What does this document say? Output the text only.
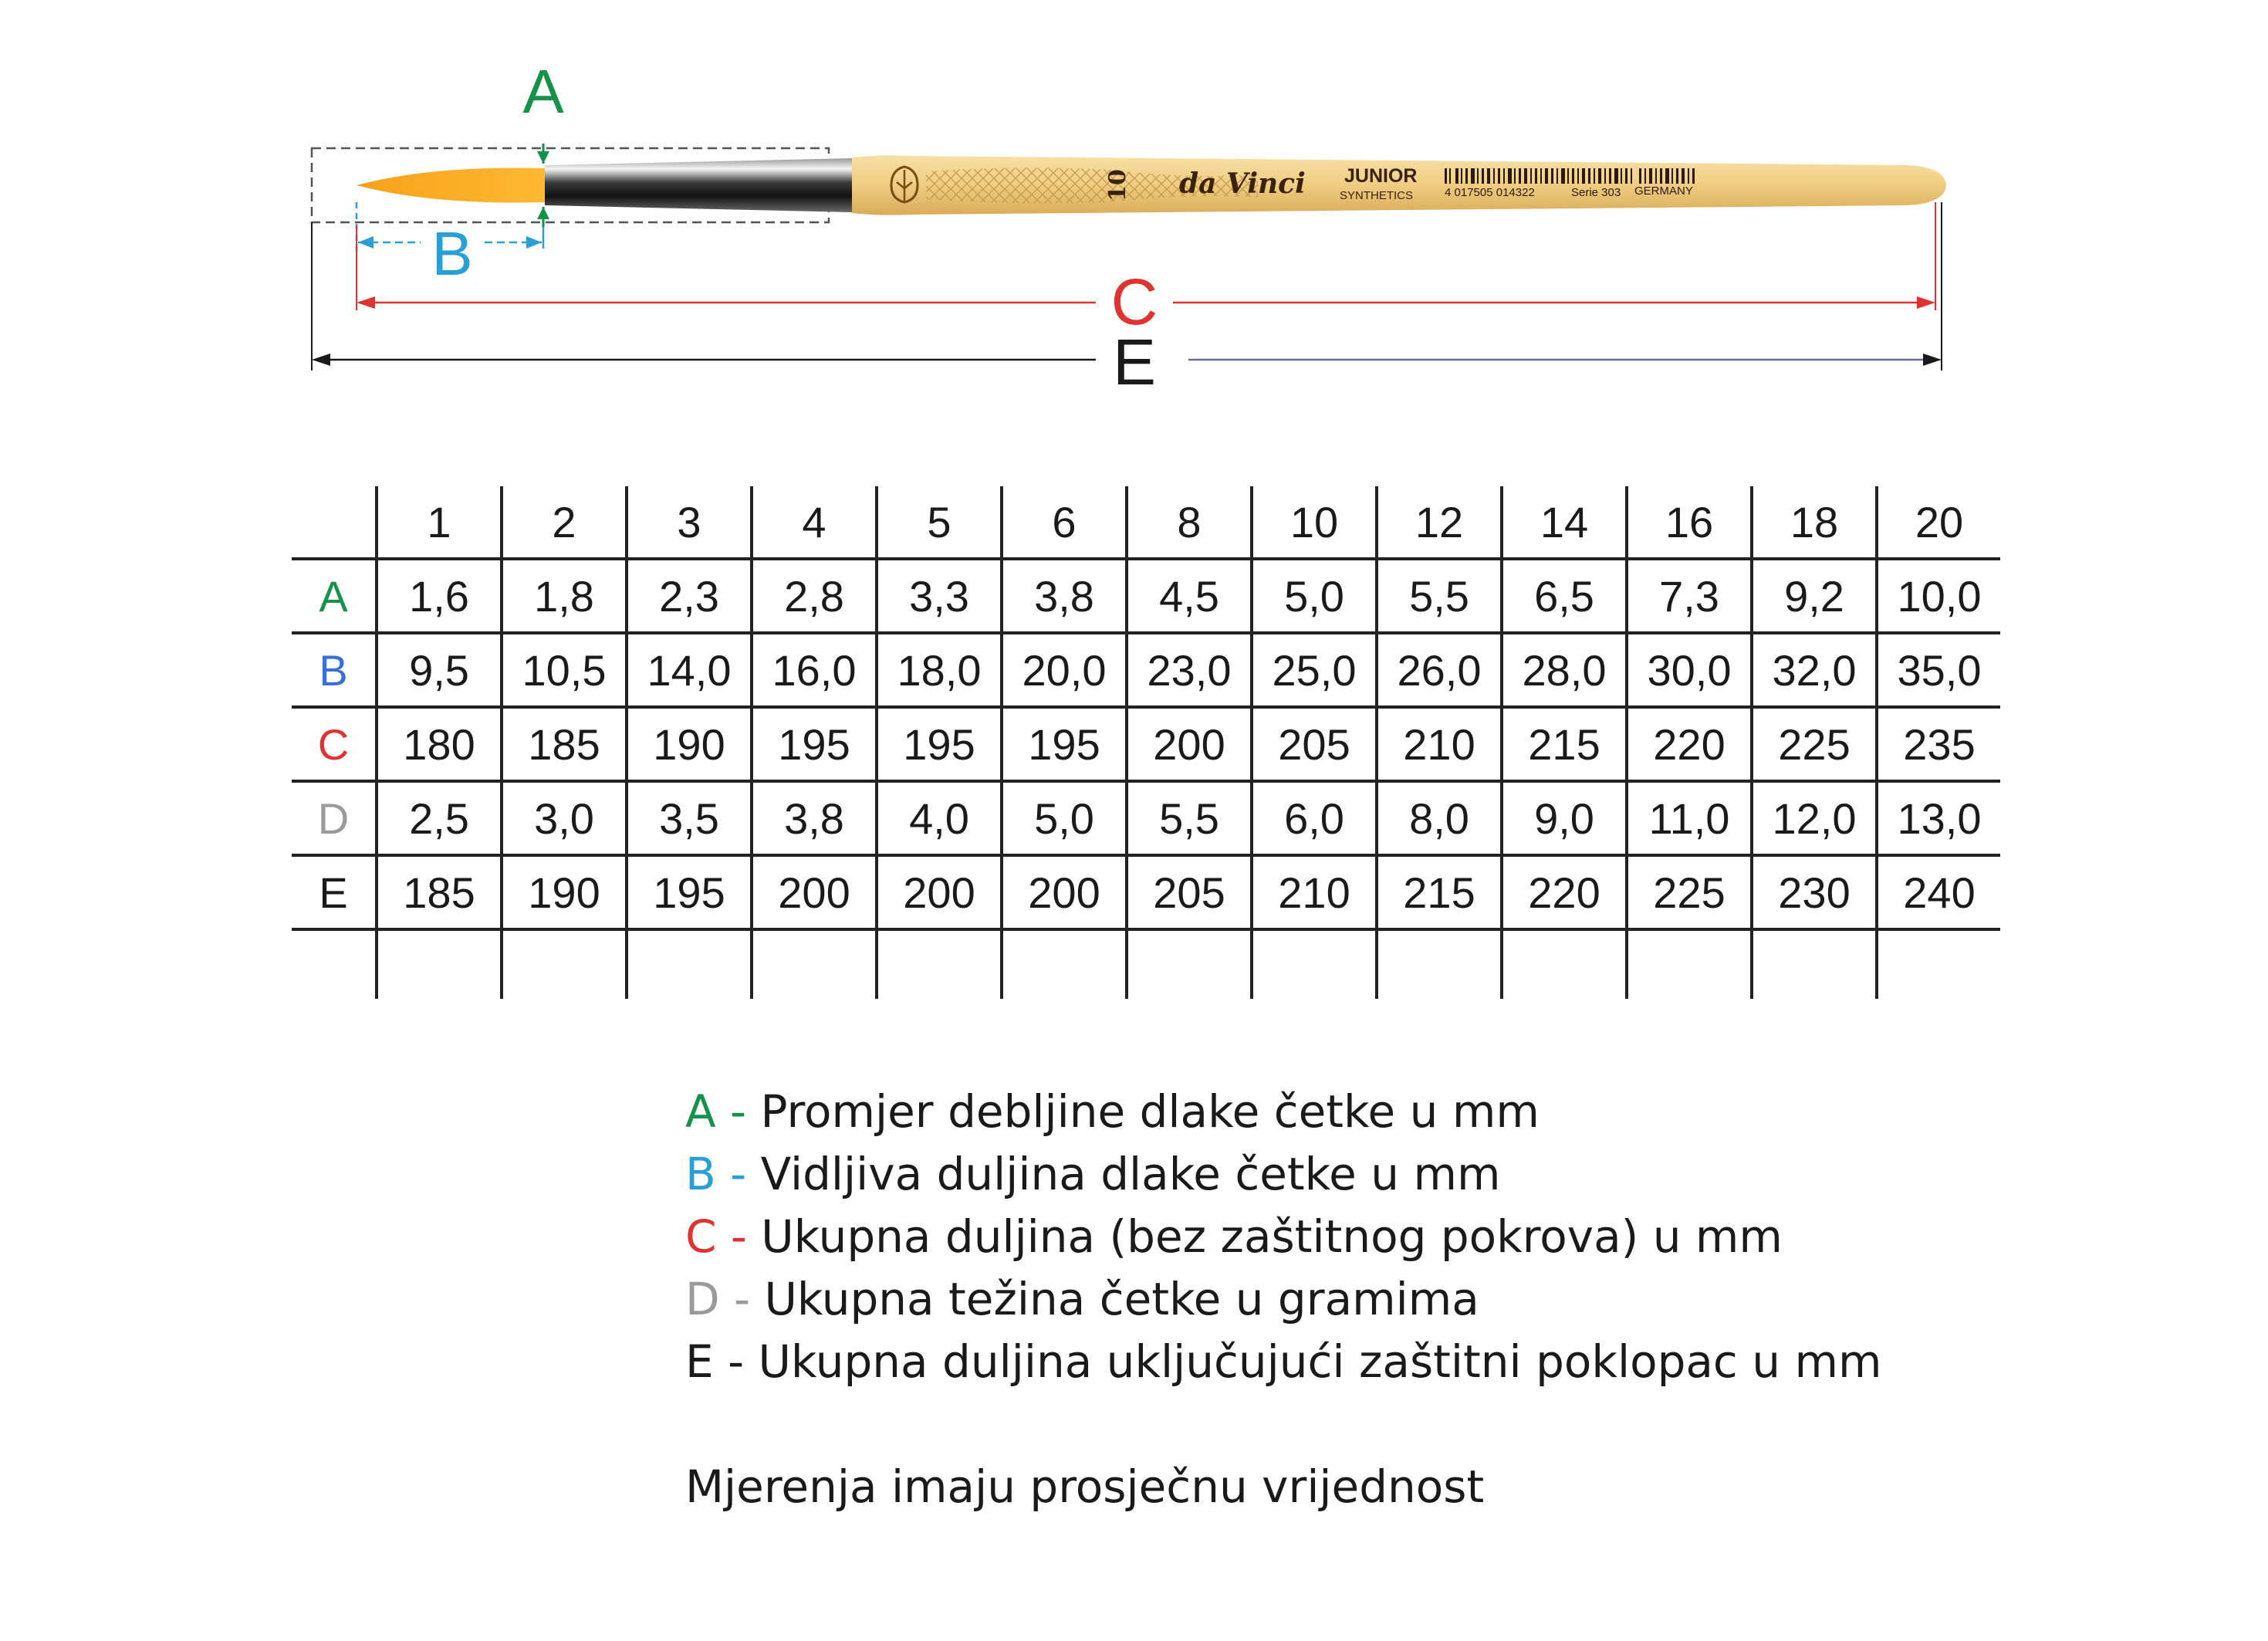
10 da Vinci JUNIOR
SYNTHETICS	4 017505 014322	Serie 303 GERMANY
A
B
C
E
	1	2	3	4	5	6	8	10	12	14	16	18	20
A	1,6	1,8	2,3	2,8	3,3	3,8	4,5	5,0	5,5	6,5	7,3	9,2	10,0
B	9,5	10,5	14,0	16,0	18,0	20,0	23,0	25,0	26,0	28,0	30,0	32,0	35,0
C	180	185	190	195	195	195	200	205	210	215	220	225	235
D	2,5	3,0	3,5	3,8	4,0	5,0	5,5	6,0	8,0	9,0	11,0	12,0	13,0
E	185	190	195	200	200	200	205	210	215	220	225	230	240

A - Promjer debljine dlake četke u mm
B - Vidljiva duljina dlake četke u mm
C - Ukupna duljina (bez zaštitnog pokrova) u mm
D - Ukupna težina četke u gramima
E - Ukupna duljina uključujući zaštitni poklopac u mm
Mjerenja imaju prosječnu vrijednost
